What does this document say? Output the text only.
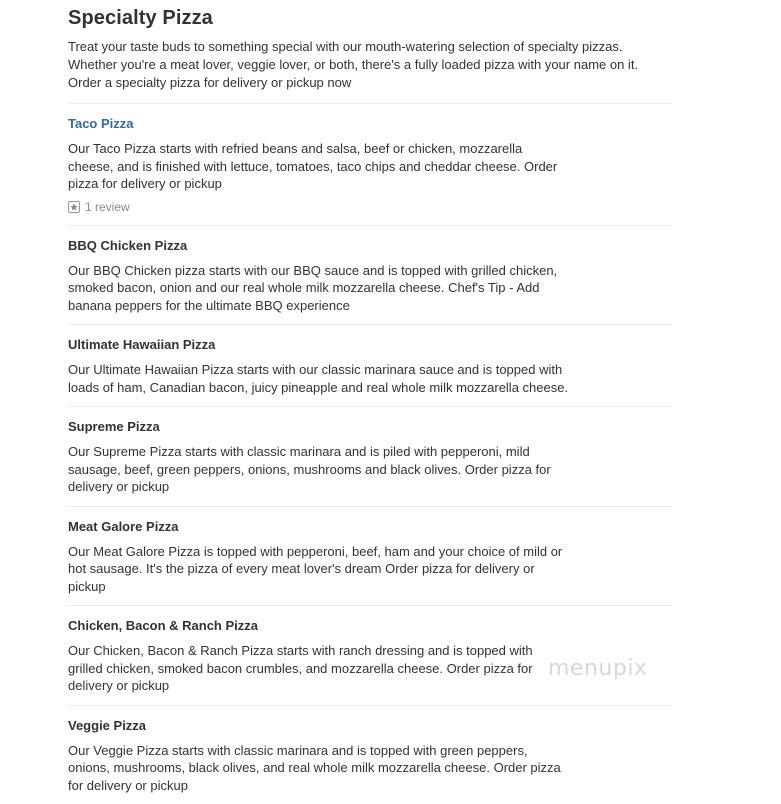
Specialty Pizza

Treat your taste buds to something special with our mouth-watering selection of specialty pizzas.
Whether you're a meat lover, veggie lover, or both, there's a fully loaded pizza with your name on it.
Order a specialty pizza for delivery or pickup now

Taco Pizza
Our Taco Pizza starts with refried beans and salsa, beef or chicken, mozzarella
cheese, and is finished with lettuce, tomatoes, taco chips and cheddar cheese. Order
pizza for delivery or pickup
1 review
BBQ Chicken Pizza
Our BBQ Chicken pizza starts with our BBQ sauce and is topped with grilled chicken,
smoked bacon, onion and our real whole milk mozzarella cheese. Chef's Tip - Add
banana peppers for the ultimate BBQ experience
Ultimate Hawaiian Pizza
Our Ultimate Hawaiian Pizza starts with our classic marinara sauce and is topped with
loads of ham, Canadian bacon, juicy pineapple and real whole milk mozzarella cheese.
Supreme Pizza
Our Supreme Pizza starts with classic marinara and is piled with pepperoni, mild
sausage, beef, green peppers, onions, mushrooms and black olives. Order pizza for
delivery or pickup
Meat Galore Pizza
Our Meat Galore Pizza is topped with pepperoni, beef, ham and your choice of mild or
hot sausage. It's the pizza of every meat lover's dream Order pizza for delivery or
pickup
Chicken, Bacon & Ranch Pizza
Our Chicken, Bacon & Ranch Pizza starts with ranch dressing and is topped with
grilled chicken, smoked bacon crumbles, and mozzarella cheese. Order pizza for
delivery or pickup
Veggie Pizza
Our Veggie Pizza starts with classic marinara and is topped with green peppers,
onions, mushrooms, black olives, and real whole milk mozzarella cheese. Order pizza
for delivery or pickup
menupix
